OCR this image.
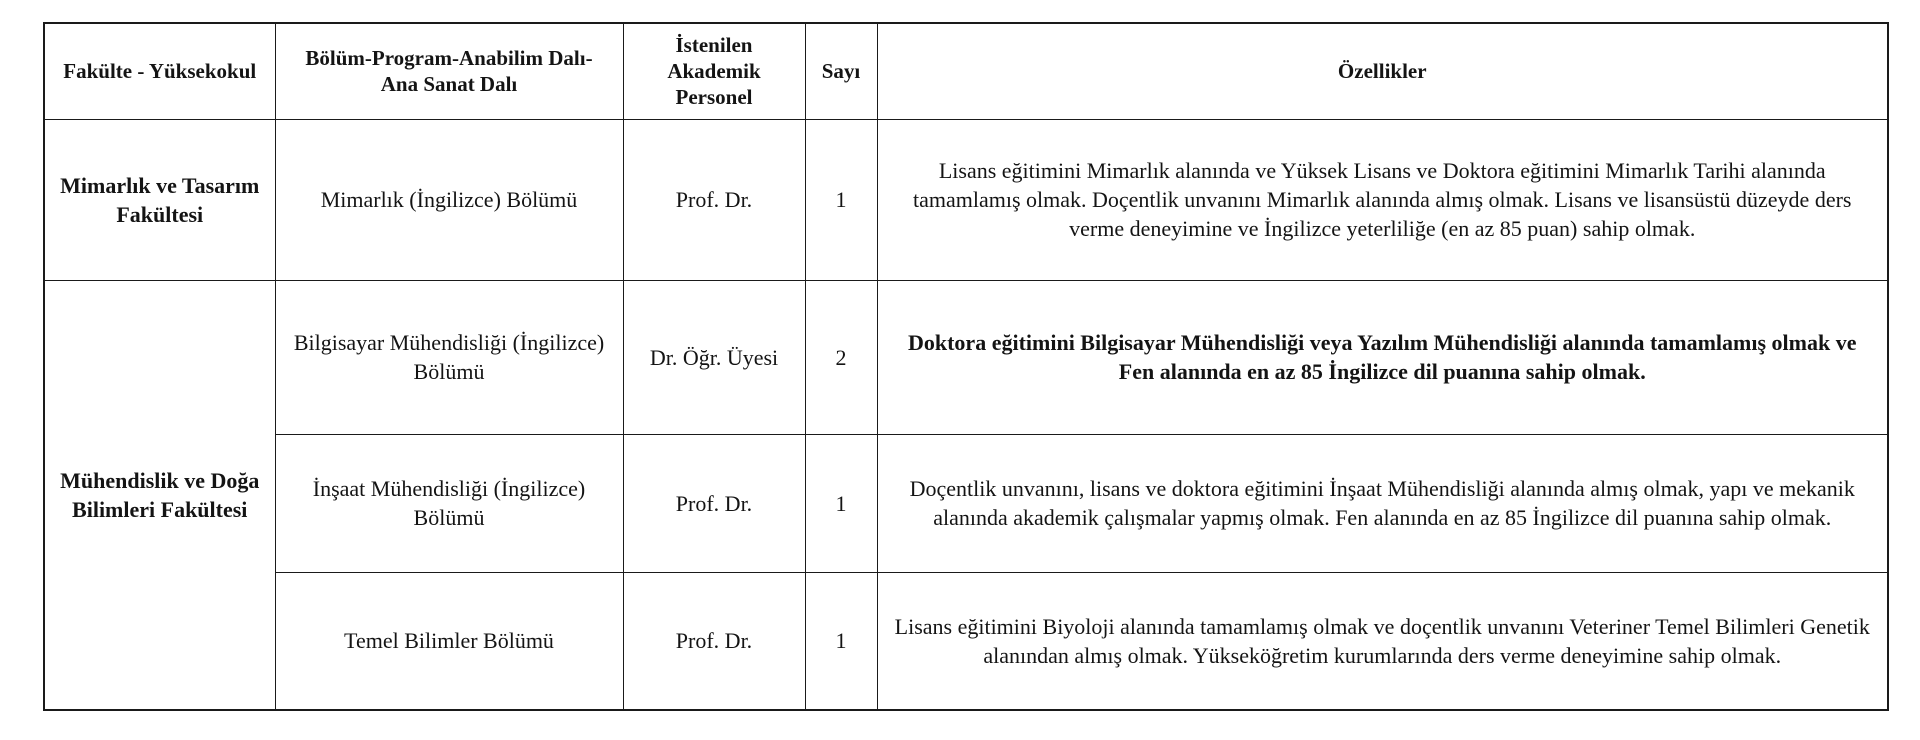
Fakülte - Yüksekokul	Bölüm-Program-Anabilim Dalı-Ana Sanat Dalı	İstenilen Akademik Personel	Sayı	Özellikler
Mimarlık ve Tasarım Fakültesi	Mimarlık (İngilizce) Bölümü	Prof. Dr.	1	Lisans eğitimini Mimarlık alanında ve Yüksek Lisans ve Doktora eğitimini Mimarlık Tarihi alanında tamamlamış olmak. Doçentlik unvanını Mimarlık alanında almış olmak. Lisans ve lisansüstü düzeyde ders verme deneyimine ve İngilizce yeterliliğe (en az 85 puan) sahip olmak.
Mühendislik ve Doğa Bilimleri Fakültesi	Bilgisayar Mühendisliği (İngilizce) Bölümü	Dr. Öğr. Üyesi	2	Doktora eğitimini Bilgisayar Mühendisliği veya Yazılım Mühendisliği alanında tamamlamış olmak ve Fen alanında en az 85 İngilizce dil puanına sahip olmak.
	İnşaat Mühendisliği (İngilizce) Bölümü	Prof. Dr.	1	Doçentlik unvanını, lisans ve doktora eğitimini İnşaat Mühendisliği alanında almış olmak, yapı ve mekanik alanında akademik çalışmalar yapmış olmak. Fen alanında en az 85 İngilizce dil puanına sahip olmak.
	Temel Bilimler Bölümü	Prof. Dr.	1	Lisans eğitimini Biyoloji alanında tamamlamış olmak ve doçentlik unvanını Veteriner Temel Bilimleri Genetik alanından almış olmak. Yükseköğretim kurumlarında ders verme deneyimine sahip olmak.
